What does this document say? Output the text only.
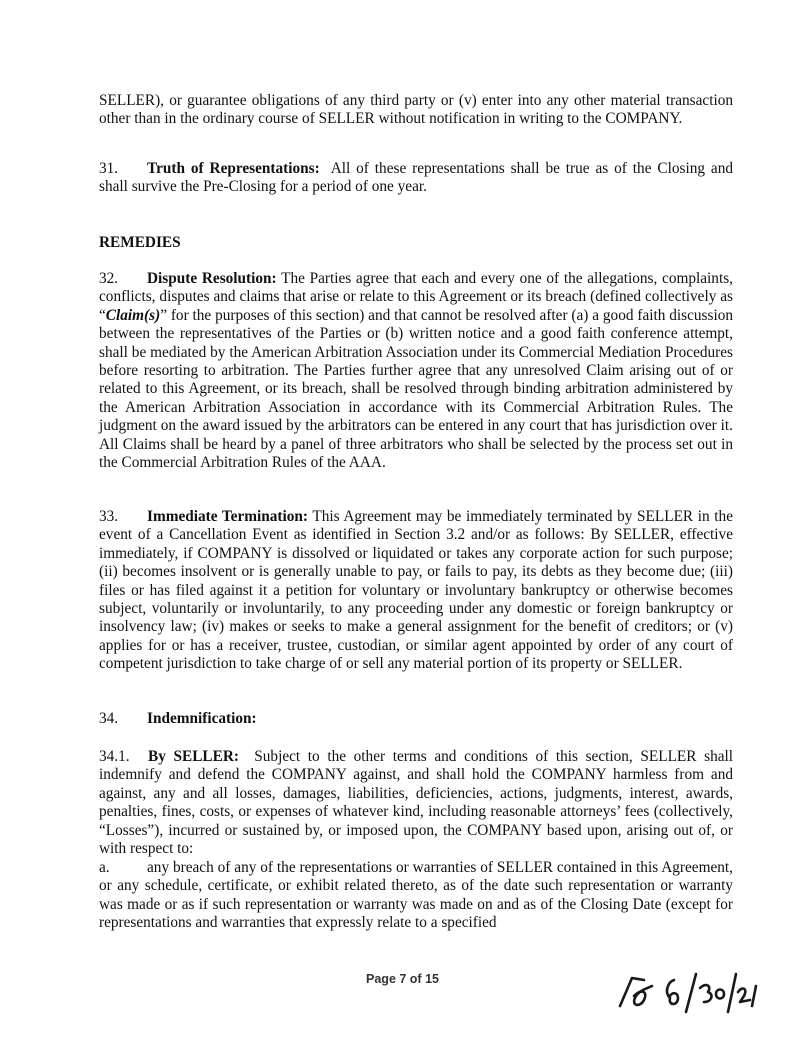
SELLER), or guarantee obligations of any third party or (v) enter into any other material transaction other than in the ordinary course of SELLER without notification in writing to the COMPANY.

31. Truth of Representations: All of these representations shall be true as of the Closing and shall survive the Pre-Closing for a period of one year.

REMEDIES

32. Dispute Resolution: The Parties agree that each and every one of the allegations, complaints, conflicts, disputes and claims that arise or relate to this Agreement or its breach (defined collectively as “Claim(s)” for the purposes of this section) and that cannot be resolved after (a) a good faith discussion between the representatives of the Parties or (b) written notice and a good faith conference attempt, shall be mediated by the American Arbitration Association under its Commercial Mediation Procedures before resorting to arbitration. The Parties further agree that any unresolved Claim arising out of or related to this Agreement, or its breach, shall be resolved through binding arbitration administered by the American Arbitration Association in accordance with its Commercial Arbitration Rules. The judgment on the award issued by the arbitrators can be entered in any court that has jurisdiction over it. All Claims shall be heard by a panel of three arbitrators who shall be selected by the process set out in the Commercial Arbitration Rules of the AAA.

33. Immediate Termination: This Agreement may be immediately terminated by SELLER in the event of a Cancellation Event as identified in Section 3.2 and/or as follows: By SELLER, effective immediately, if COMPANY is dissolved or liquidated or takes any corporate action for such purpose; (ii) becomes insolvent or is generally unable to pay, or fails to pay, its debts as they become due; (iii) files or has filed against it a petition for voluntary or involuntary bankruptcy or otherwise becomes subject, voluntarily or involuntarily, to any proceeding under any domestic or foreign bankruptcy or insolvency law; (iv) makes or seeks to make a general assignment for the benefit of creditors; or (v) applies for or has a receiver, trustee, custodian, or similar agent appointed by order of any court of competent jurisdiction to take charge of or sell any material portion of its property or SELLER.

34. Indemnification:

34.1. By SELLER: Subject to the other terms and conditions of this section, SELLER shall indemnify and defend the COMPANY against, and shall hold the COMPANY harmless from and against, any and all losses, damages, liabilities, deficiencies, actions, judgments, interest, awards, penalties, fines, costs, or expenses of whatever kind, including reasonable attorneys’ fees (collectively, “Losses”), incurred or sustained by, or imposed upon, the COMPANY based upon, arising out of, or with respect to:

a. any breach of any of the representations or warranties of SELLER contained in this Agreement, or any schedule, certificate, or exhibit related thereto, as of the date such representation or warranty was made or as if such representation or warranty was made on and as of the Closing Date (except for representations and warranties that expressly relate to a specified

Page 7 of 15
